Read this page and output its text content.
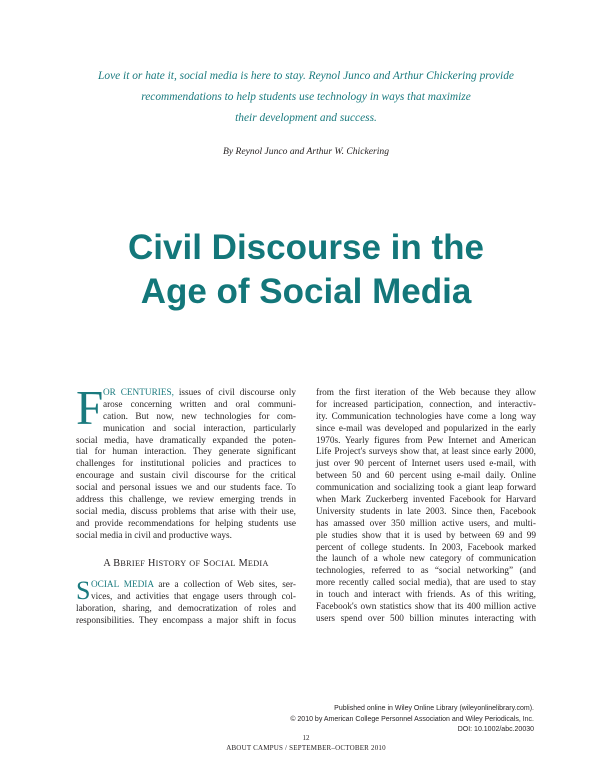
Love it or hate it, social media is here to stay. Reynol Junco and Arthur Chickering provide
recommendations to help students use technology in ways that maximize
their development and success.
By Reynol Junco and Arthur W. Chickering
Civil Discourse in the
Age of Social Media
F OR CENTURIES, issues of civil discourse only
arose concerning written and oral communi-
cation. But now, new technologies for com-
munication and social interaction, particularly
social media, have dramatically expanded the poten-
tial for human interaction. They generate significant
challenges for institutional policies and practices to
encourage and sustain civil discourse for the critical
social and personal issues we and our students face. To
address this challenge, we review emerging trends in
social media, discuss problems that arise with their use,
and provide recommendations for helping students use
social media in civil and productive ways.
A BBRIEF HISTORY OF SOCIAL MEDIA
S OCIAL MEDIA are a collection of Web sites, ser-
vices, and activities that engage users through col-
laboration, sharing, and democratization of roles and
responsibilities. They encompass a major shift in focus
from the first iteration of the Web because they allow
for increased participation, connection, and interactiv-
ity. Communication technologies have come a long way
since e-mail was developed and popularized in the early
1970s. Yearly figures from Pew Internet and American
Life Project's surveys show that, at least since early 2000,
just over 90 percent of Internet users used e-mail, with
between 50 and 60 percent using e-mail daily. Online
communication and socializing took a giant leap forward
when Mark Zuckerberg invented Facebook for Harvard
University students in late 2003. Since then, Facebook
has amassed over 350 million active users, and multi-
ple studies show that it is used by between 69 and 99
percent of college students. In 2003, Facebook marked
the launch of a whole new category of communication
technologies, referred to as “social networking” (and
more recently called social media), that are used to stay
in touch and interact with friends. As of this writing,
Facebook's own statistics show that its 400 million active
users spend over 500 billion minutes interacting with
Published online in Wiley Online Library (wileyonlinelibrary.com).
© 2010 by American College Personnel Association and Wiley Periodicals, Inc.
DOI: 10.1002/abc.20030
12
ABOUT CAMPUS / SEPTEMBER–OCTOBER 2010
